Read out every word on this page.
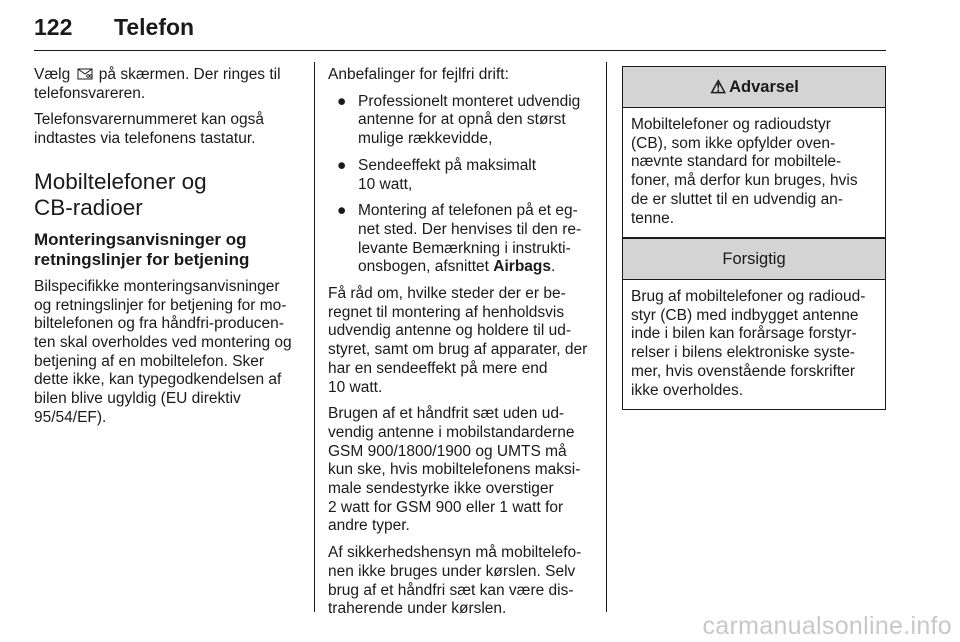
122 Telefon

Vælg  på skærmen. Der ringes til
telefonsvareren.

Telefonsvarernummeret kan også
indtastes via telefonens tastatur.

Mobiltelefoner og
CB-radioer
Monteringsanvisninger og
retningslinjer for betjening

Bilspecifikke monteringsanvisninger
og retningslinjer for betjening for mo-
biltelefonen og fra håndfri-producen-
ten skal overholdes ved montering og
betjening af en mobiltelefon. Sker
dette ikke, kan typegodkendelsen af
bilen blive ugyldig (EU direktiv
95/54/EF).

Anbefalinger for fejlfri drift:

● Professionelt monteret udvendig
antenne for at opnå den størst
mulige rækkevidde,
● Sendeeffekt på maksimalt
10 watt,
● Montering af telefonen på et eg-
net sted. Der henvises til den re-
levante Bemærkning i instrukti-
onsbogen, afsnittet Airbags.

Få råd om, hvilke steder der er be-
regnet til montering af henholdsvis
udvendig antenne og holdere til ud-
styret, samt om brug af apparater, der
har en sendeeffekt på mere end
10 watt.

Brugen af et håndfrit sæt uden ud-
vendig antenne i mobilstandarderne
GSM 900/1800/1900 og UMTS må
kun ske, hvis mobiltelefonens maksi-
male sendestyrke ikke overstiger
2 watt for GSM 900 eller 1 watt for
andre typer.

Af sikkerhedshensyn må mobiltelefo-
nen ikke bruges under kørslen. Selv
brug af et håndfri sæt kan være dis-
traherende under kørslen.

⚠ Advarsel
Mobiltelefoner og radioudstyr
(CB), som ikke opfylder oven-
nævnte standard for mobiltele-
foner, må derfor kun bruges, hvis
de er sluttet til en udvendig an-
tenne.
Forsigtig
Brug af mobiltelefoner og radioud-
styr (CB) med indbygget antenne
inde i bilen kan forårsage forstyr-
relser i bilens elektroniske syste-
mer, hvis ovenstående forskrifter
ikke overholdes.
carmanualsonline.info
